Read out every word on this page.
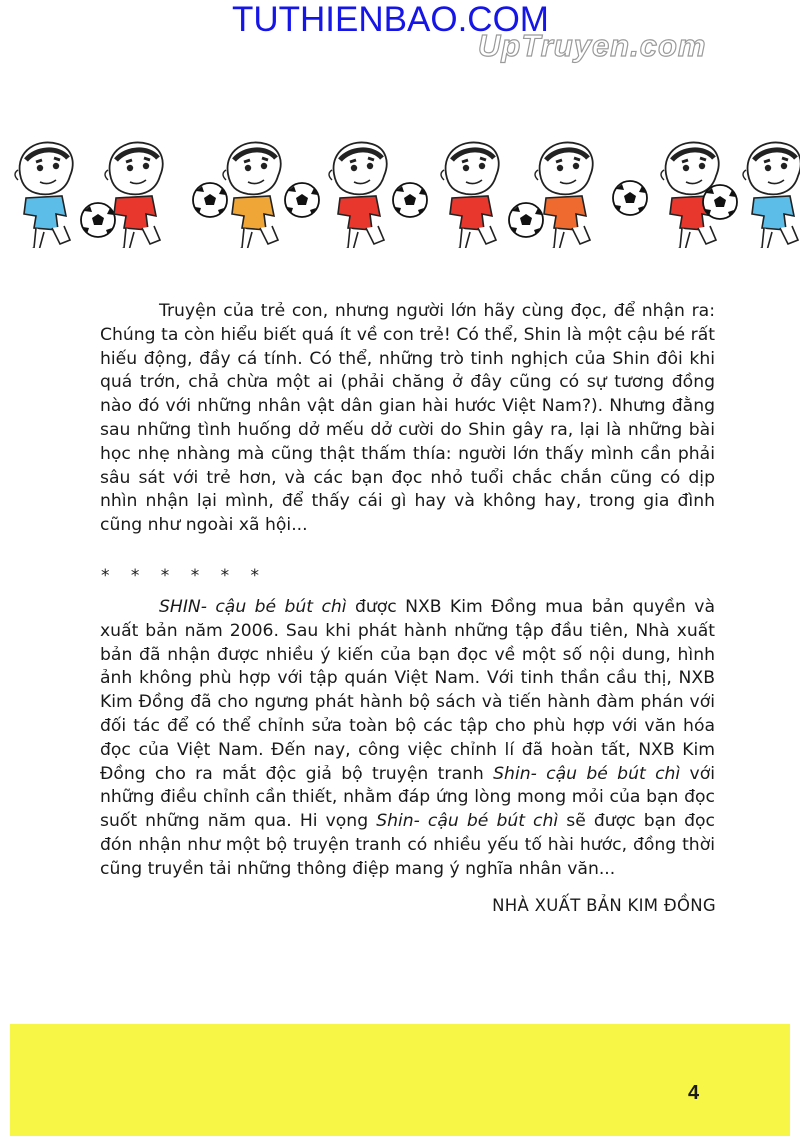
TUTHIENBAO.COM
UpTruyen.com

Truyện của trẻ con, nhưng người lớn hãy cùng đọc, để nhận ra: Chúng ta còn hiểu biết quá ít về con trẻ! Có thể, Shin là một cậu bé rất hiếu động, đầy cá tính. Có thể, những trò tinh nghịch của Shin đôi khi quá trớn, chả chừa một ai (phải chăng ở đây cũng có sự tương đồng nào đó với những nhân vật dân gian hài hước Việt Nam?). Nhưng đằng sau những tình huống dở mếu dở cười do Shin gây ra, lại là những bài học nhẹ nhàng mà cũng thật thấm thía: người lớn thấy mình cần phải sâu sát với trẻ hơn, và các bạn đọc nhỏ tuổi chắc chắn cũng có dịp nhìn nhận lại mình, để thấy cái gì hay và không hay, trong gia đình cũng như ngoài xã hội...

* * * * * *

SHIN- cậu bé bút chì được NXB Kim Đồng mua bản quyền và xuất bản năm 2006. Sau khi phát hành những tập đầu tiên, Nhà xuất bản đã nhận được nhiều ý kiến của bạn đọc về một số nội dung, hình ảnh không phù hợp với tập quán Việt Nam. Với tinh thần cầu thị, NXB Kim Đồng đã cho ngưng phát hành bộ sách và tiến hành đàm phán với đối tác để có thể chỉnh sửa toàn bộ các tập cho phù hợp với văn hóa đọc của Việt Nam. Đến nay, công việc chỉnh lí đã hoàn tất, NXB Kim Đồng cho ra mắt độc giả bộ truyện tranh Shin- cậu bé bút chì với những điều chỉnh cần thiết, nhằm đáp ứng lòng mong mỏi của bạn đọc suốt những năm qua. Hi vọng Shin- cậu bé bút chì sẽ được bạn đọc đón nhận như một bộ truyện tranh có nhiều yếu tố hài hước, đồng thời cũng truyền tải những thông điệp mang ý nghĩa nhân văn...

NHÀ XUẤT BẢN KIM ĐỒNG

4
